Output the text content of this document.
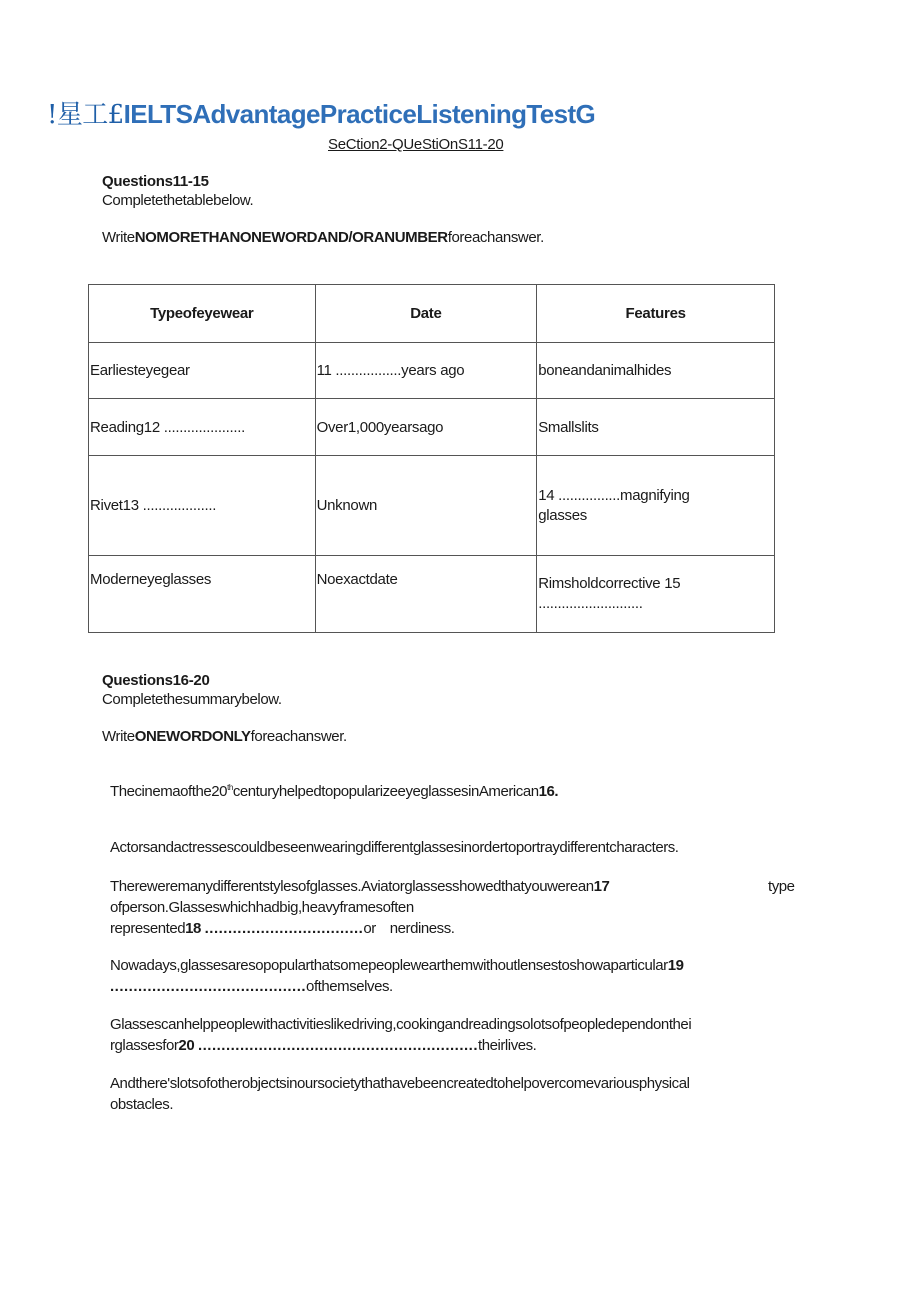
!星工£IELTSAdvantagePracticeListeningTestG
SeCtion2-QUeStiOnS11-20
Questions11-15
Completethetablebelow.
WriteNOMORETHANONEWORDAND/ORANUMBERforeachanswer.
Typeofeyewear	Date	Features
Earliesteyegear	11 .................years ago	boneandanimalhides
Reading12 .....................	Over1,000yearsago	Smallslits
Rivet13 ...................	Unknown	14 ................magnifying glasses
Moderneyeglasses	Noexactdate	Rimsholdcorrective 15 ...........................
Questions16-20
Completethesummarybelow.
WriteONEWORDONLYforeachanswer.
Thecinemaofthe20thcenturyhelpedtopopularizeeyeglassesinAmerican16.
Actorsandactressescouldbeseenwearingdifferentglassesinordertoportraydifferentcharacters.
Thereweremanydifferentstylesofglasses.Aviatorglassesshowedthatyouwerean17	type
ofperson.Glasseswhichhadbig,heavyframesoften
represented18 ..................................or nerdiness.
Nowadays,glassesaresopopularthatsomepeoplewearthemwithoutlensestoshowaparticular19
..........................................ofthemselves.
Glassescanhelppeoplewithactivitieslikedriving,cookingandreadingsolotsofpeopledependonthei
rglassesfor20 ............................................................theirlives.
Andthere'slotsofotherobjectsinoursocietythathavebeencreatedtohelpovercomevariousphysical
obstacles.
